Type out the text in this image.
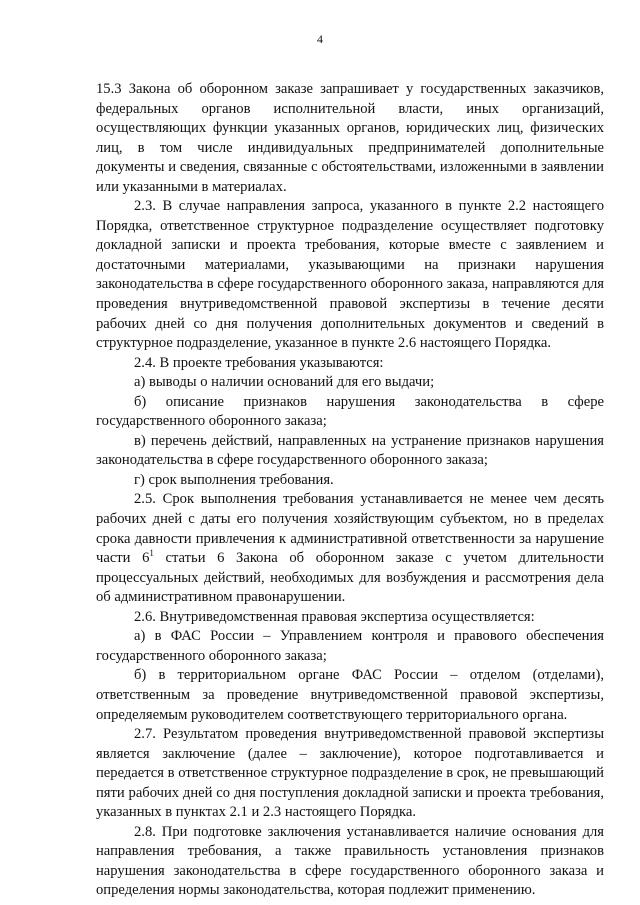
4

15.3 Закона об оборонном заказе запрашивает у государственных заказчиков, федеральных органов исполнительной власти, иных организаций, осуществляющих функции указанных органов, юридических лиц, физических лиц, в том числе индивидуальных предпринимателей дополнительные документы и сведения, связанные с обстоятельствами, изложенными в заявлении или указанными в материалах.

2.3. В случае направления запроса, указанного в пункте 2.2 настоящего Порядка, ответственное структурное подразделение осуществляет подготовку докладной записки и проекта требования, которые вместе с заявлением и достаточными материалами, указывающими на признаки нарушения законодательства в сфере государственного оборонного заказа, направляются для проведения внутриведомственной правовой экспертизы в течение десяти рабочих дней со дня получения дополнительных документов и сведений в структурное подразделение, указанное в пункте 2.6 настоящего Порядка.

2.4. В проекте требования указываются:

а) выводы о наличии оснований для его выдачи;

б) описание признаков нарушения законодательства в сфере государственного оборонного заказа;

в) перечень действий, направленных на устранение признаков нарушения законодательства в сфере государственного оборонного заказа;

г) срок выполнения требования.

2.5. Срок выполнения требования устанавливается не менее чем десять рабочих дней с даты его получения хозяйствующим субъектом, но в пределах срока давности привлечения к административной ответственности за нарушение части $6^1$ статьи 6 Закона об оборонном заказе с учетом длительности процессуальных действий, необходимых для возбуждения и рассмотрения дела об административном правонарушении.

2.6. Внутриведомственная правовая экспертиза осуществляется:

а) в ФАС России – Управлением контроля и правового обеспечения государственного оборонного заказа;

б) в территориальном органе ФАС России – отделом (отделами), ответственным за проведение внутриведомственной правовой экспертизы, определяемым руководителем соответствующего территориального органа.

2.7. Результатом проведения внутриведомственной правовой экспертизы является заключение (далее – заключение), которое подготавливается и передается в ответственное структурное подразделение в срок, не превышающий пяти рабочих дней со дня поступления докладной записки и проекта требования, указанных в пунктах 2.1 и 2.3 настоящего Порядка.

2.8. При подготовке заключения устанавливается наличие основания для направления требования, а также правильность установления признаков нарушения законодательства в сфере государственного оборонного заказа и определения нормы законодательства, которая подлежит применению.
